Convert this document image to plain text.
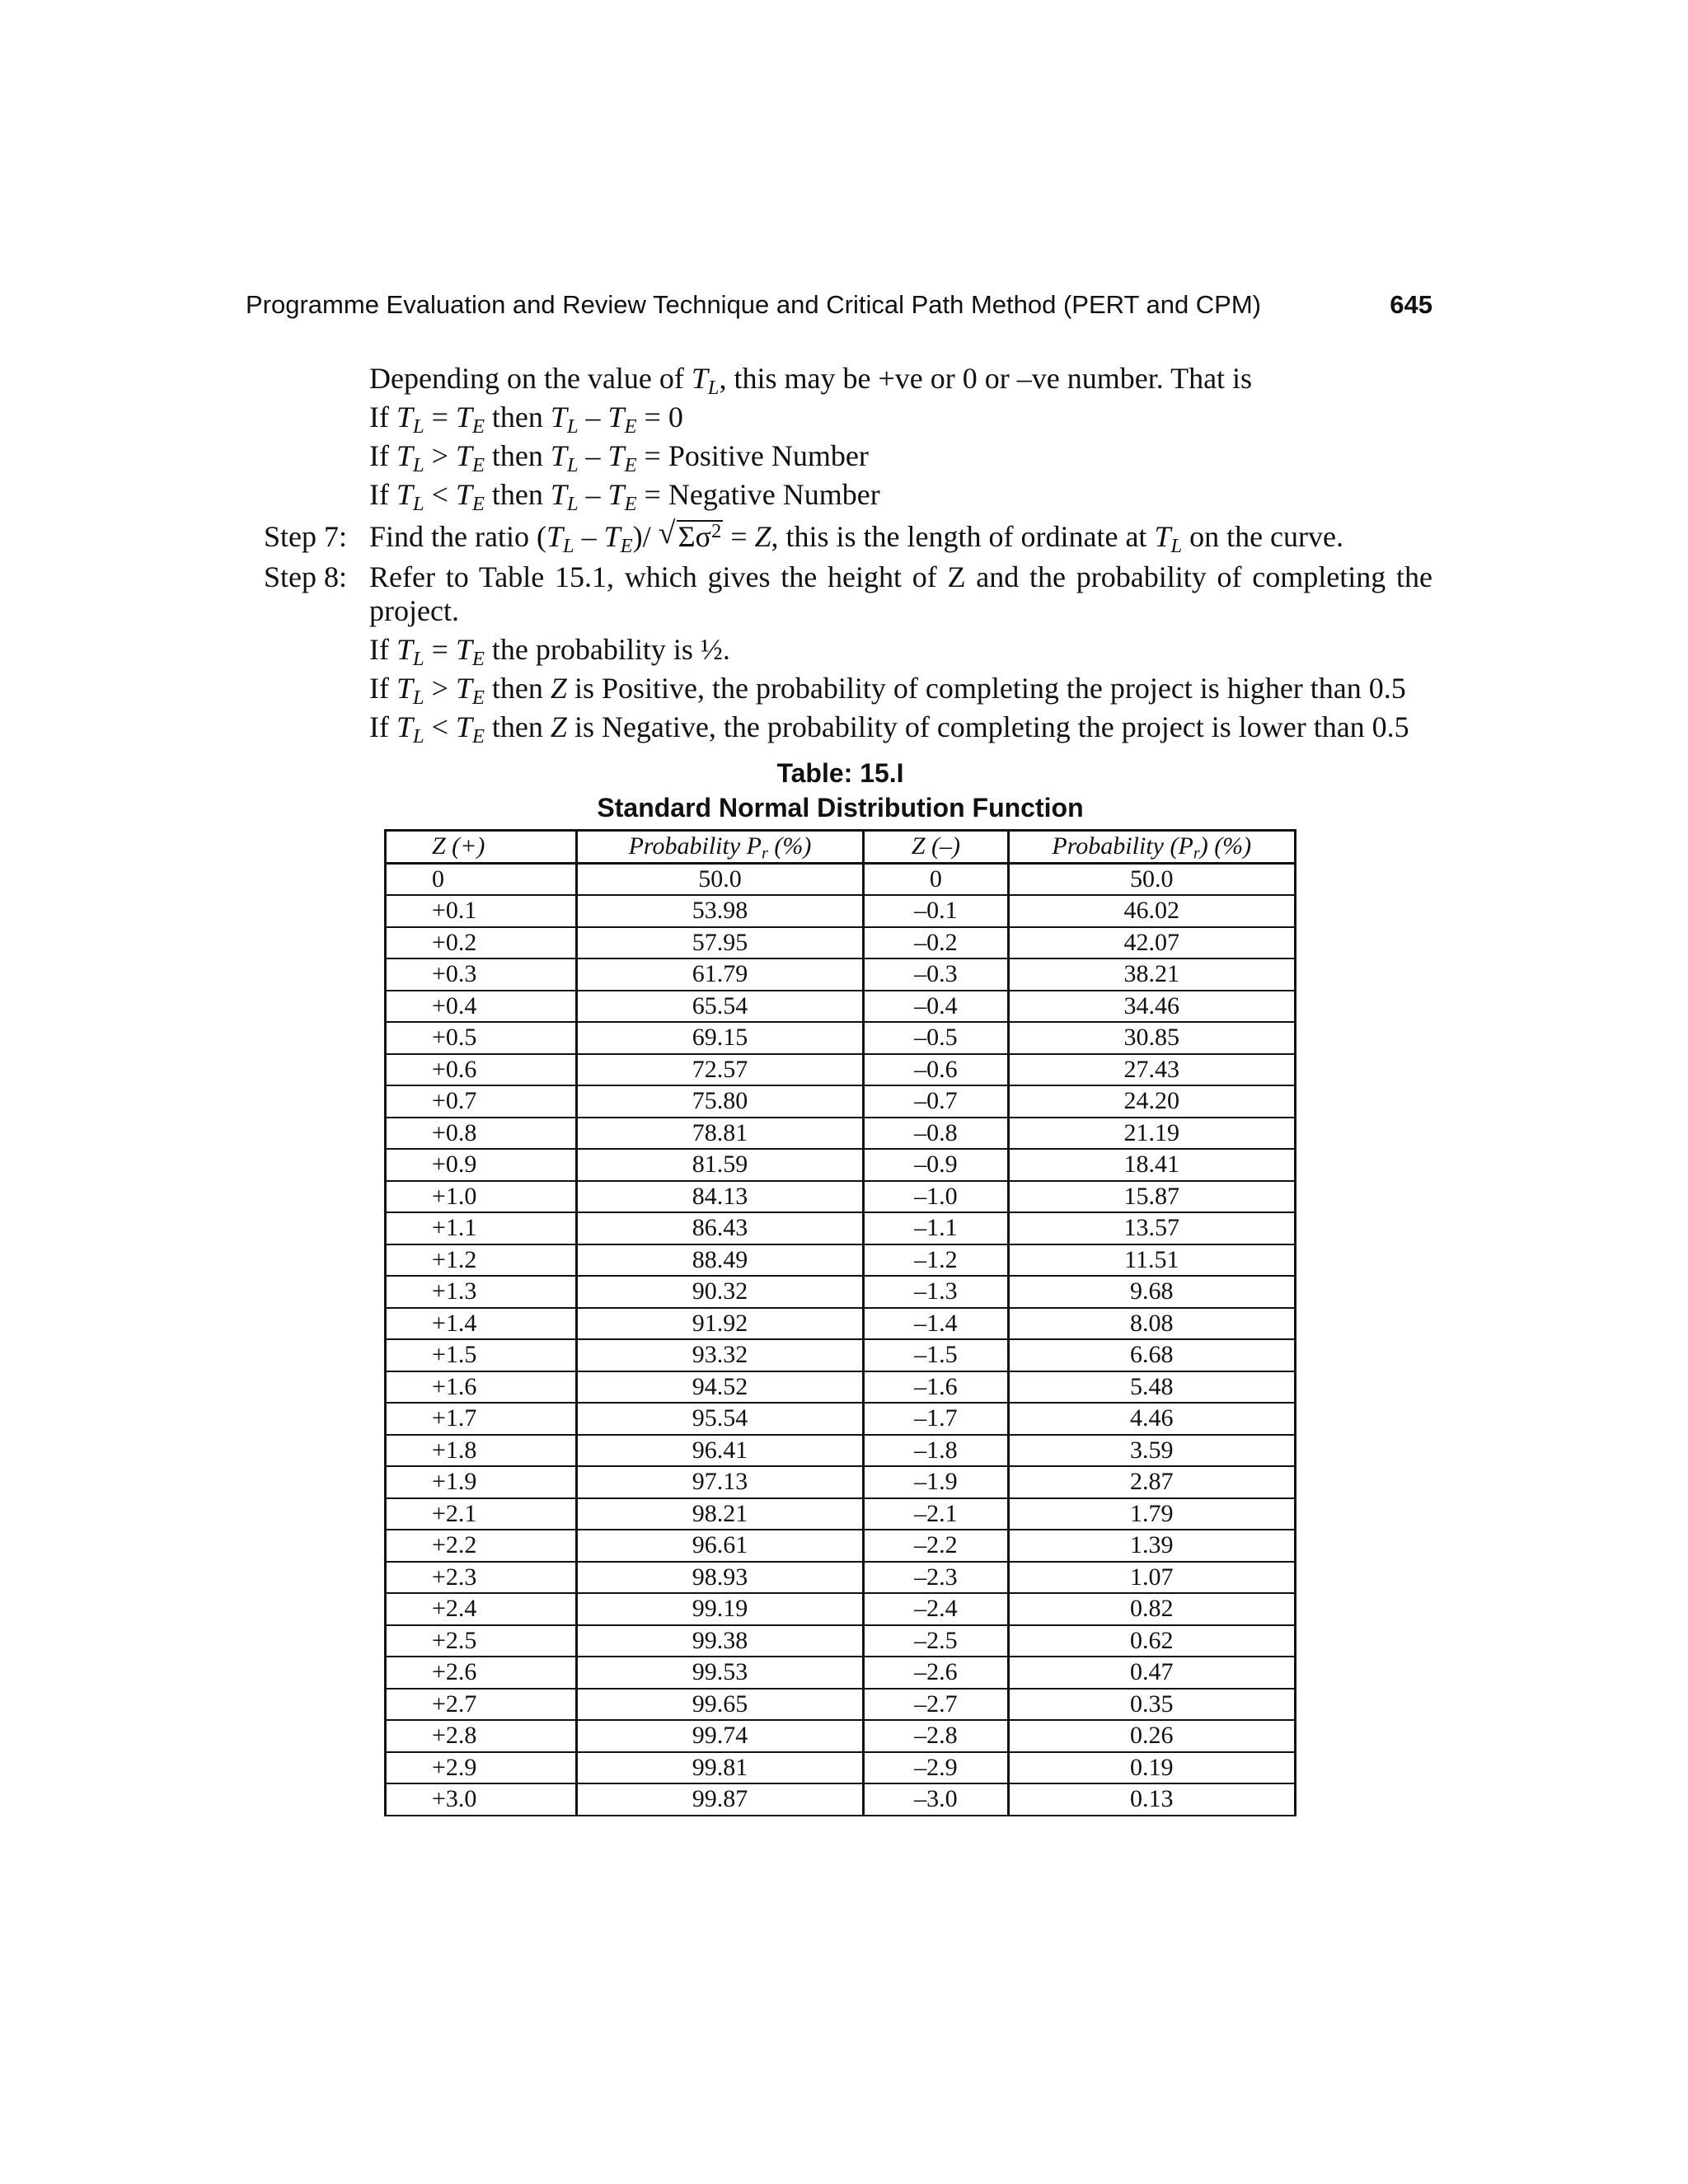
Programme Evaluation and Review Technique and Critical Path Method (PERT and CPM)	645
Depending on the value of $T_L$, this may be +ve or 0 or –ve number. That is
If $T_L = T_E$ then $T_L - T_E = 0$
If $T_L > T_E$ then $T_L - T_E$ = Positive Number
If $T_L < T_E$ then $T_L - T_E$ = Negative Number
Step 7: Find the ratio $(T_L - T_E)/$ √ $\Sigma\sigma^2 = Z$, this is the length of ordinate at $T_L$ on the curve.
Step 8: Refer to Table 15.1, which gives the height of Z and the probability of completing the
project.
If $T_L = T_E$ the probability is ½.
If $T_L > T_E$ then Z is Positive, the probability of completing the project is higher than 0.5
If $T_L < T_E$ then Z is Negative, the probability of completing the project is lower than 0.5
Table: 15.I
Standard Normal Distribution Function
Z (+)	Probability $P_r$ (%)	Z (–)	Probability $(P_r)$ (%)
0	50.0	0	50.0
+0.1	53.98	–0.1	46.02
+0.2	57.95	–0.2	42.07
+0.3	61.79	–0.3	38.21
+0.4	65.54	–0.4	34.46
+0.5	69.15	–0.5	30.85
+0.6	72.57	–0.6	27.43
+0.7	75.80	–0.7	24.20
+0.8	78.81	–0.8	21.19
+0.9	81.59	–0.9	18.41
+1.0	84.13	–1.0	15.87
+1.1	86.43	–1.1	13.57
+1.2	88.49	–1.2	11.51
+1.3	90.32	–1.3	9.68
+1.4	91.92	–1.4	8.08
+1.5	93.32	–1.5	6.68
+1.6	94.52	–1.6	5.48
+1.7	95.54	–1.7	4.46
+1.8	96.41	–1.8	3.59
+1.9	97.13	–1.9	2.87
+2.1	98.21	–2.1	1.79
+2.2	96.61	–2.2	1.39
+2.3	98.93	–2.3	1.07
+2.4	99.19	–2.4	0.82
+2.5	99.38	–2.5	0.62
+2.6	99.53	–2.6	0.47
+2.7	99.65	–2.7	0.35
+2.8	99.74	–2.8	0.26
+2.9	99.81	–2.9	0.19
+3.0	99.87	–3.0	0.13
